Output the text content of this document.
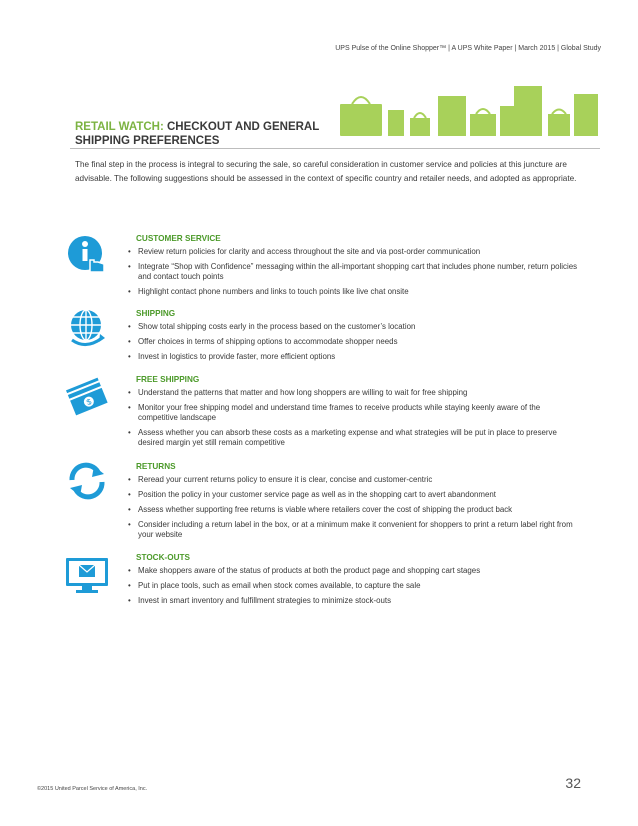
UPS Pulse of the Online Shopper™ | A UPS White Paper | March 2015 | Global Study
RETAIL WATCH: CHECKOUT AND GENERAL
SHIPPING PREFERENCES
The final step in the process is integral to securing the sale, so careful consideration in customer service and policies at this juncture are advisable. The following suggestions should be assessed in the context of specific country and retailer needs, and adopted as appropriate.
$
CUSTOMER SERVICE
• Review return policies for clarity and access throughout the site and via post-order communication
• Integrate “Shop with Confidence” messaging within the all-important shopping cart that includes phone number, return policies and contact touch points
• Highlight contact phone numbers and links to touch points like live chat onsite
SHIPPING
• Show total shipping costs early in the process based on the customer’s location
• Offer choices in terms of shipping options to accommodate shopper needs
• Invest in logistics to provide faster, more efficient options
FREE SHIPPING
• Understand the patterns that matter and how long shoppers are willing to wait for free shipping
• Monitor your free shipping model and understand time frames to receive products while staying keenly aware of the competitive landscape
• Assess whether you can absorb these costs as a marketing expense and what strategies will be put in place to preserve desired margin yet still remain competitive
RETURNS
• Reread your current returns policy to ensure it is clear, concise and customer-centric
• Position the policy in your customer service page as well as in the shopping cart to avert abandonment
• Assess whether supporting free returns is viable where retailers cover the cost of shipping the product back
• Consider including a return label in the box, or at a minimum make it convenient for shoppers to print a return label right from your website
STOCK-OUTS
• Make shoppers aware of the status of products at both the product page and shopping cart stages
• Put in place tools, such as email when stock comes available, to capture the sale
• Invest in smart inventory and fulfillment strategies to minimize stock-outs
©2015 United Parcel Service of America, Inc.	32
